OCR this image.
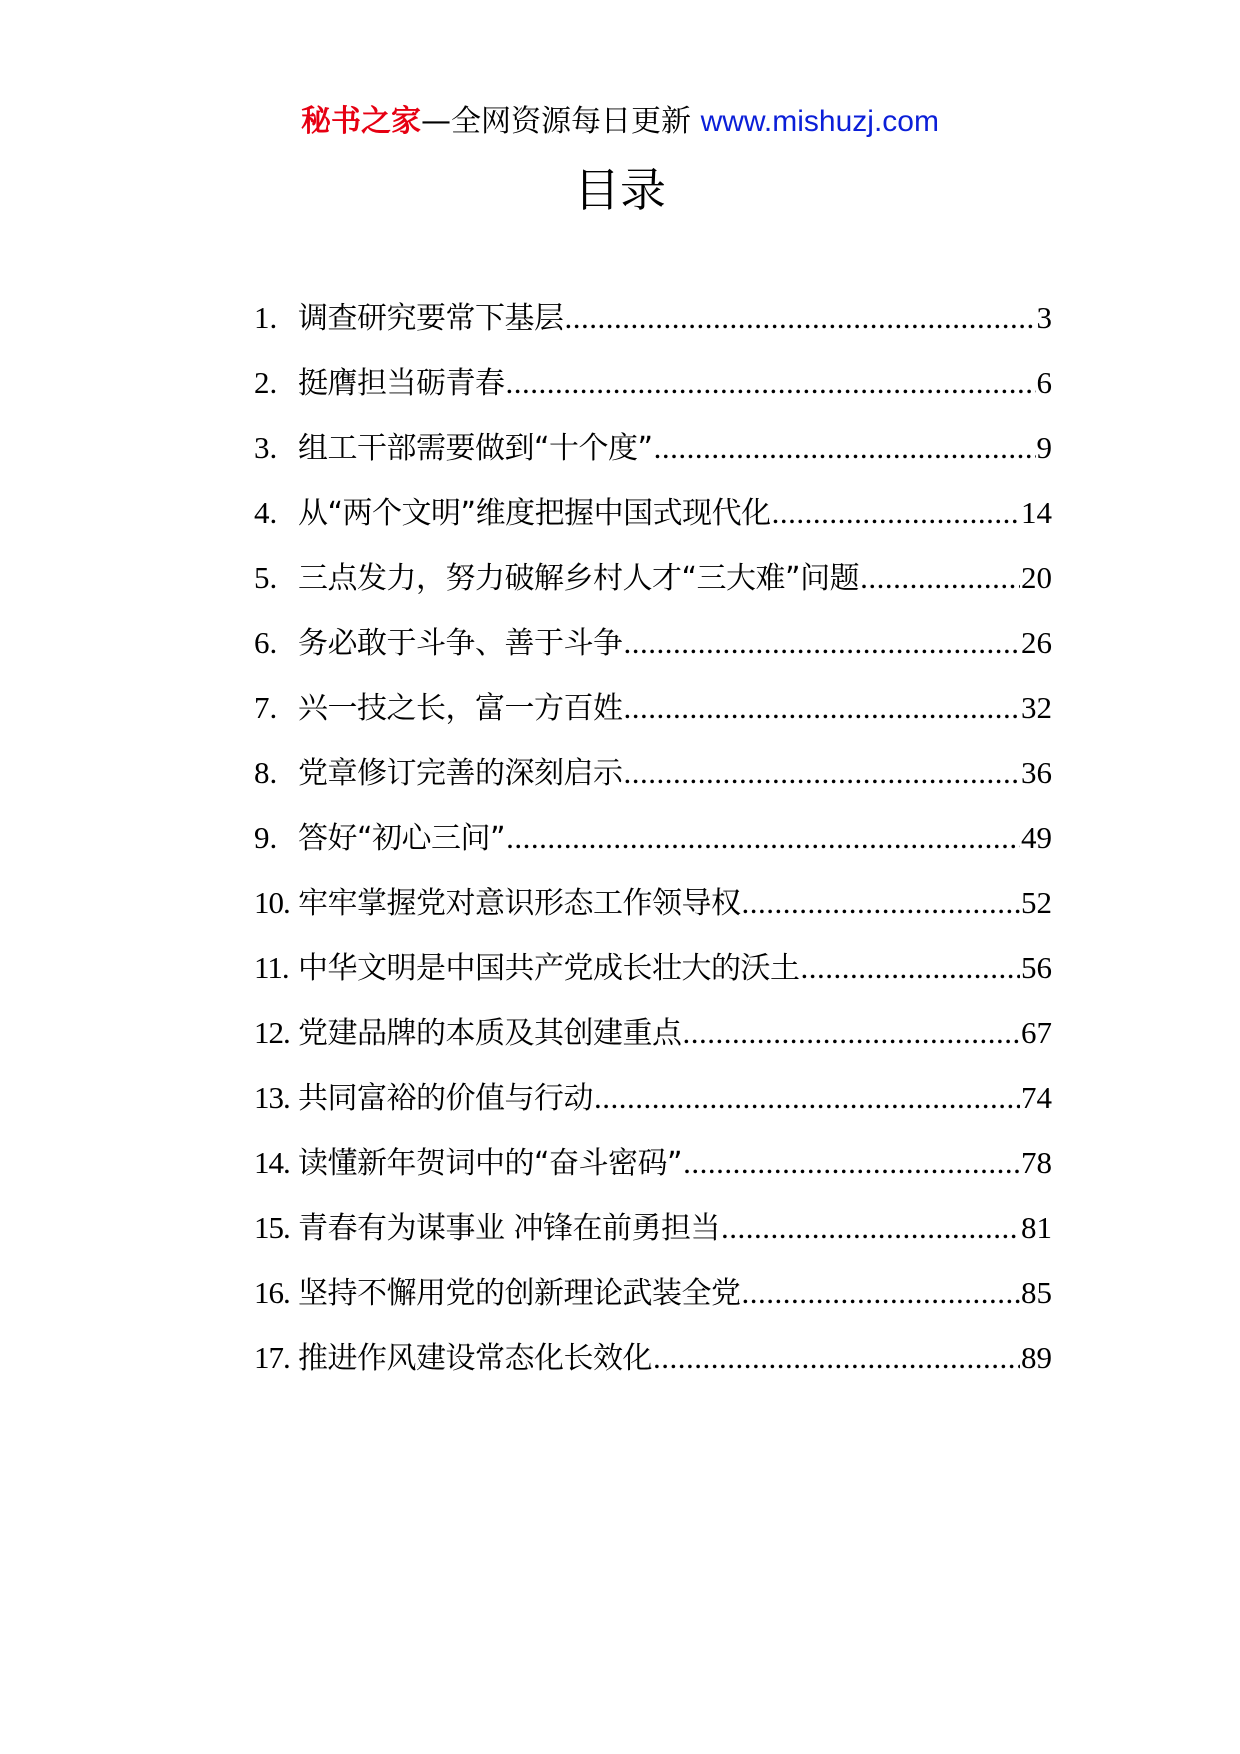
秘书之家—全网资源每日更新 www.mishuzj.com
目录
1. 调查研究要常下基层 .....	3
2. 挺膺担当砺青春 .....	6
3. 组工干部需要做到“十个度” .....	9
4. 从“两个文明”维度把握中国式现代化 .....	14
5. 三点发力，努力破解乡村人才“三大难”问题 .....	20
6. 务必敢于斗争、善于斗争 .....	26
7. 兴一技之长，富一方百姓 .....	32
8. 党章修订完善的深刻启示 .....	36
9. 答好“初心三问” .....	49
10. 牢牢掌握党对意识形态工作领导权 .....	52
11. 中华文明是中国共产党成长壮大的沃土 .....	56
12. 党建品牌的本质及其创建重点 .....	67
13. 共同富裕的价值与行动 .....	74
14. 读懂新年贺词中的“奋斗密码” .....	78
15. 青春有为谋事业 冲锋在前勇担当 .....	81
16. 坚持不懈用党的创新理论武装全党 .....	85
17. 推进作风建设常态化长效化 .....	89
